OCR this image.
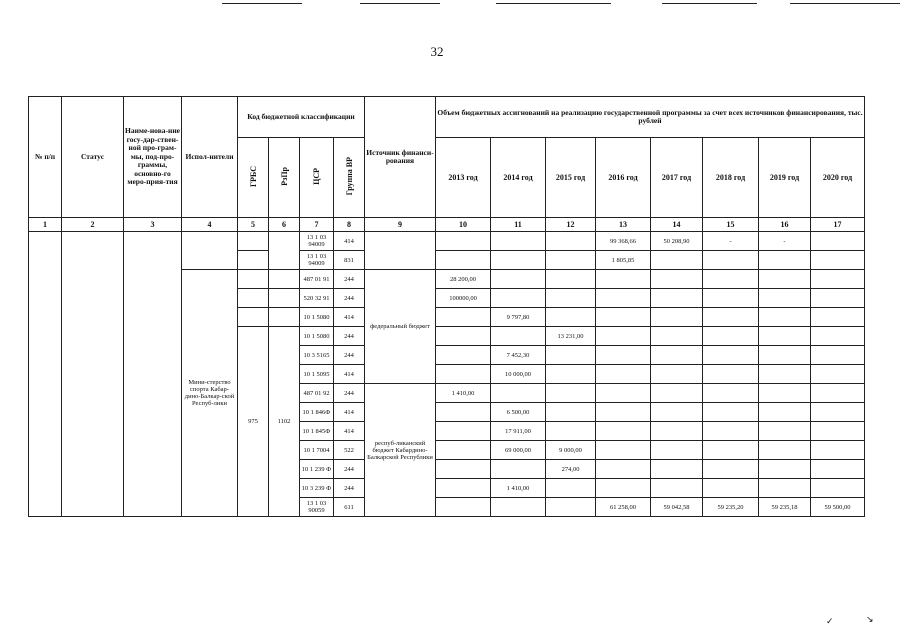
32
№ п/п	Статус	Наиме-нова-ние госу-дар-ствен-ной про-грам-мы, под-про-граммы, основно-го меро-прия-тия	Испол-нители	Код бюджетной классификации				Источник финанси-рования	Объем бюджетных ассигнований на реализацию государственной программы за счет всех источников финансирования, тыс. рублей							
				ГРБС	РзПр	ЦСР	Группа ВР		2013 год	2014 год	2015 год	2016 год	2017 год	2018 год	2019 год	2020 год
1	2	3	4	5	6	7	8	9	10	11	12	13	14	15	16	17
						13 1 03 94009	414					99 368,66	50 208,90	-	-	
						13 1 03 94009	831					1 805,85				
			Мини-стерство спорта Кабар-дино-Балкар-ской Респуб-лики			487 01 91	244	федеральный бюджет	28 200,00							
						520 32 91	244		100000,00							
						10 1 5080	414			9 797,80						
				975	1102	10 1 5080	244				13 231,00					
						10 3 5165	244			7 452,30						
						10 1 5095	414			10 000,00						
						487 01 92	244	респуб-ликанский бюджет Кабардино-Балкарской Республики	1 410,00							
						10 1 846Ф	414			6 500,00						
						10 1 845Ф	414			17 911,00						
						10 1 7004	522			69 000,00	9 000,00					
						10 1 239 Ф	244				274,00					
						10 3 239 Ф	244			1 410,00						
						13 1 03 90059	611					61 258,00	59 042,58	59 235,20	59 235,18	59 500,00
✓	↘
